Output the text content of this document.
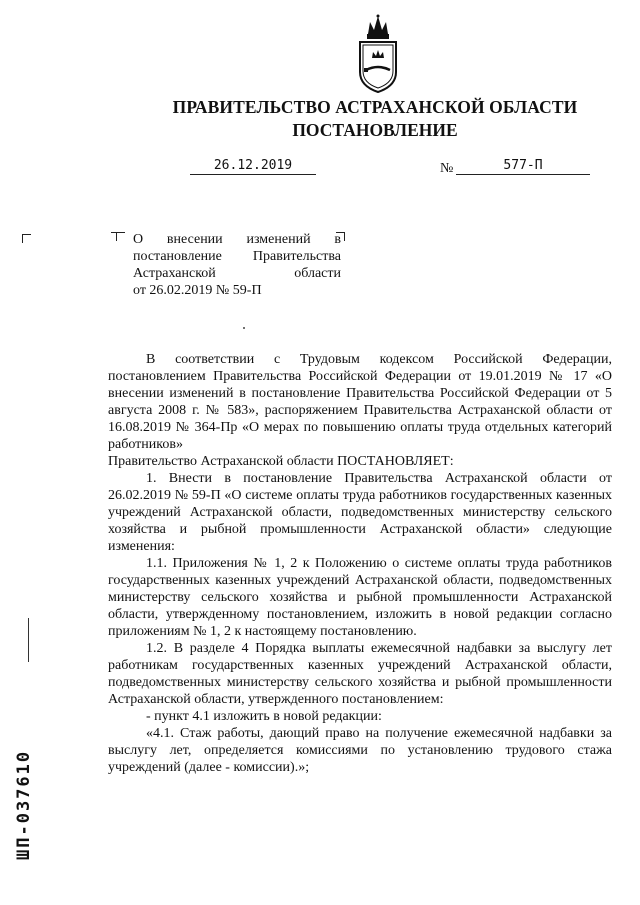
ПРАВИТЕЛЬСТВО АСТРАХАНСКОЙ ОБЛАСТИ
ПОСТАНОВЛЕНИЕ
26.12.2019	№	577-П
О внесении изменений в
постановление Правительства
Астраханской области
от 26.02.2019 № 59-П

В соответствии с Трудовым кодексом Российской Федерации, постановлением Правительства Российской Федерации от 19.01.2019 № 17 «О внесении изменений в постановление Правительства Российской Федерации от 5 августа 2008 г. № 583», распоряжением Правительства Астраханской области от 16.08.2019 № 364-Пр «О мерах по повышению оплаты труда отдельных категорий работников»

Правительство Астраханской области ПОСТАНОВЛЯЕТ:

1. Внести в постановление Правительства Астраханской области от 26.02.2019 № 59-П «О системе оплаты труда работников государственных казенных учреждений Астраханской области, подведомственных министерству сельского хозяйства и рыбной промышленности Астраханской области» следующие изменения:

1.1. Приложения № 1, 2 к Положению о системе оплаты труда работников государственных казенных учреждений Астраханской области, подведомственных министерству сельского хозяйства и рыбной промышленности Астраханской области, утвержденному постановлением, изложить в новой редакции согласно приложениям № 1, 2 к настоящему постановлению.

1.2. В разделе 4 Порядка выплаты ежемесячной надбавки за выслугу лет работникам государственных казенных учреждений Астраханской области, подведомственных министерству сельского хозяйства и рыбной промышленности Астраханской области, утвержденного постановлением:

- пункт 4.1 изложить в новой редакции:

«4.1. Стаж работы, дающий право на получение ежемесячной надбавки за выслугу лет, определяется комиссиями по установлению трудового стажа учреждений (далее - комиссии).»;

ШП-037610
